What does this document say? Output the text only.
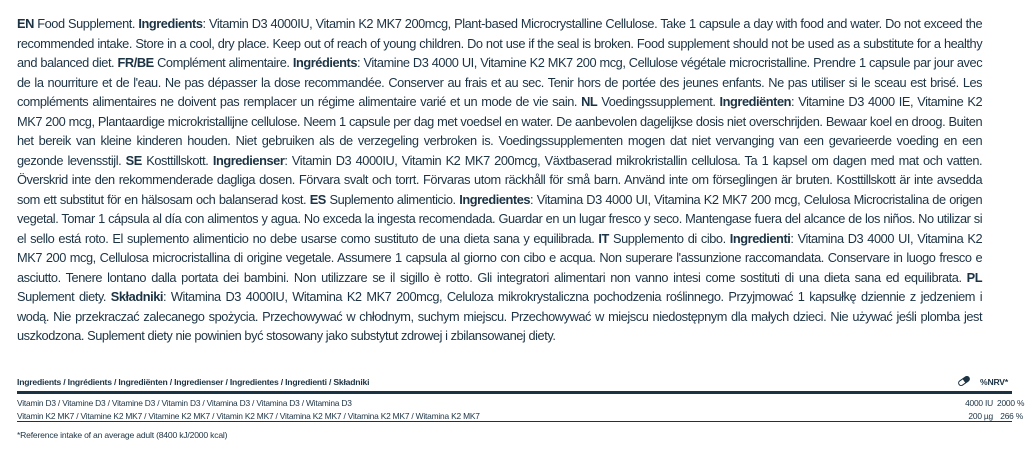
EN Food Supplement. Ingredients: Vitamin D3 4000IU, Vitamin K2 MK7 200mcg, Plant-based Microcrystalline Cellulose. Take 1 capsule a day with food and water. Do not exceed the recommended intake. Store in a cool, dry place. Keep out of reach of young children. Do not use if the seal is broken. Food supplement should not be used as a substitute for a healthy and balanced diet. FR/BE Complément alimentaire. Ingrédients: Vitamine D3 4000 UI, Vitamine K2 MK7 200 mcg, Cellulose végétale microcristalline. Prendre 1 capsule par jour avec de la nourriture et de l'eau. Ne pas dépasser la dose recommandée. Conserver au frais et au sec. Tenir hors de portée des jeunes enfants. Ne pas utiliser si le sceau est brisé. Les compléments alimentaires ne doivent pas remplacer un régime alimentaire varié et un mode de vie sain. NL Voedingssupplement. Ingrediënten: Vitamine D3 4000 IE, Vitamine K2 MK7 200 mcg, Plantaardige microkristallijne cellulose. Neem 1 capsule per dag met voedsel en water. De aanbevolen dagelijkse dosis niet overschrijden. Bewaar koel en droog. Buiten het bereik van kleine kinderen houden. Niet gebruiken als de verzegeling verbroken is. Voedingssupplementen mogen dat niet vervanging van een gevarieerde voeding en een gezonde levensstijl. SE Kosttillskott. Ingredienser: Vitamin D3 4000IU, Vitamin K2 MK7 200mcg, Växtbaserad mikrokristallin cellulosa. Ta 1 kapsel om dagen med mat och vatten. Överskrid inte den rekommenderade dagliga dosen. Förvara svalt och torrt. Förvaras utom räckhåll för små barn. Använd inte om förseglingen är bruten. Kosttillskott är inte avsedda som ett substitut för en hälsosam och balanserad kost. ES Suplemento alimenticio. Ingredientes: Vitamina D3 4000 UI, Vitamina K2 MK7 200 mcg, Celulosa Microcristalina de origen vegetal. Tomar 1 cápsula al día con alimentos y agua. No exceda la ingesta recomendada. Guardar en un lugar fresco y seco. Mantengase fuera del alcance de los niños. No utilizar si el sello está roto. El suplemento alimenticio no debe usarse como sustituto de una dieta sana y equilibrada. IT Supplemento di cibo. Ingredienti: Vitamina D3 4000 UI, Vitamina K2 MK7 200 mcg, Cellulosa microcristallina di origine vegetale. Assumere 1 capsula al giorno con cibo e acqua. Non superare l'assunzione raccomandata. Conservare in luogo fresco e asciutto. Tenere lontano dalla portata dei bambini. Non utilizzare se il sigillo è rotto. Gli integratori alimentari non vanno intesi come sostituti di una dieta sana ed equilibrata. PL Suplement diety. Składniki: Witamina D3 4000IU, Witamina K2 MK7 200mcg, Celuloza mikrokrystaliczna pochodzenia roślinnego. Przyjmować 1 kapsułkę dziennie z jedzeniem i wodą. Nie przekraczać zalecanego spożycia. Przechowywać w chłodnym, suchym miejscu. Przechowywać w miejscu niedostępnym dla małych dzieci. Nie używać jeśli plomba jest uszkodzona. Suplement diety nie powinien być stosowany jako substytut zdrowej i zbilansowanej diety.
Ingredients / Ingrédients / Ingrediënten / Ingredienser / Ingredientes / Ingredienti / Składniki	%NRV*
Vitamin D3 / Vitamine D3 / Vitamine D3 / Vitamin D3 / Vitamina D3 / Vitamina D3 / Witamina D3	4000 IU 2000 %
Vitamin K2 MK7 / Vitamine K2 MK7 / Vitamine K2 MK7 / Vitamin K2 MK7 / Vitamina K2 MK7 / Vitamina K2 MK7 / Witamina K2 MK7	200 µg 266 %
*Reference intake of an average adult (8400 kJ/2000 kcal)
